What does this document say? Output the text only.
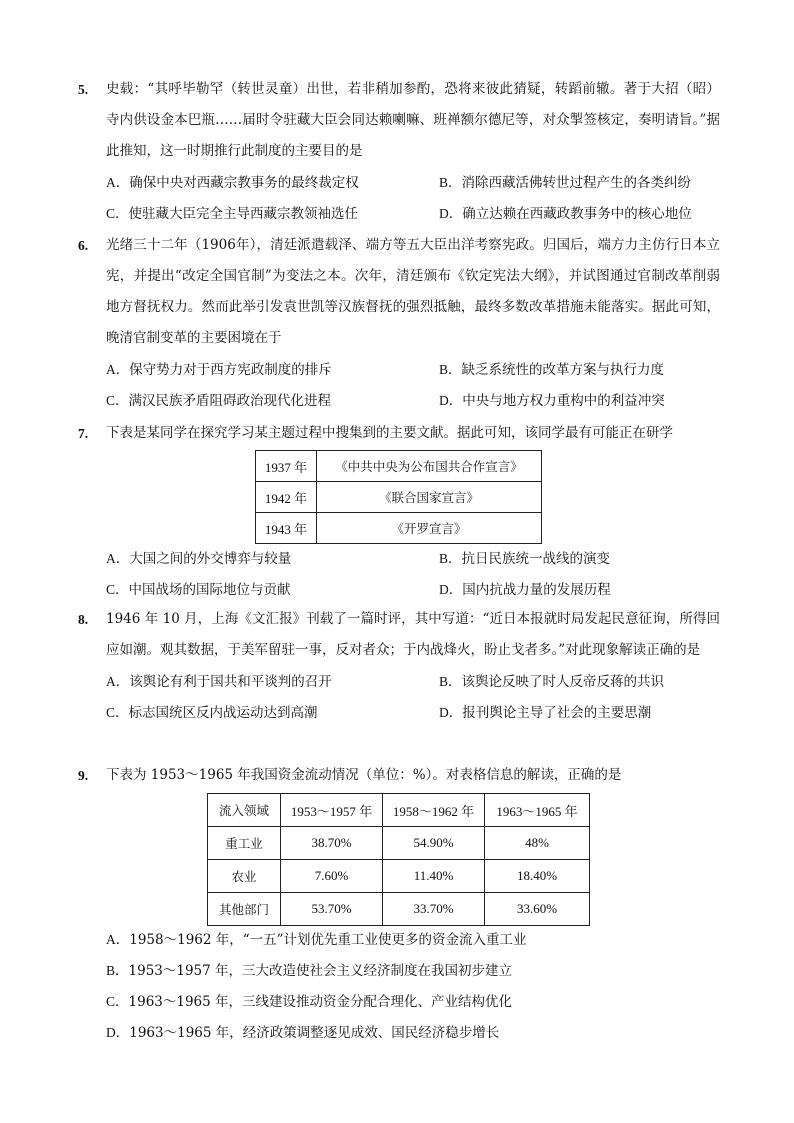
5. 史载：“其呼毕勒罕（转世灵童）出世，若非稍加参酌，恐将来彼此猜疑，转蹈前辙。著于大招（昭）寺内供设金本巴瓶……届时令驻藏大臣会同达赖喇嘛、班禅额尔德尼等，对众掣签核定，奏明请旨。”据此推知，这一时期推行此制度的主要目的是
A．确保中央对西藏宗教事务的最终裁定权	B．消除西藏活佛转世过程产生的各类纠纷
C．使驻藏大臣完全主导西藏宗教领袖选任	D．确立达赖在西藏政教事务中的核心地位
6. 光绪三十二年（1906年），清廷派遣载泽、端方等五大臣出洋考察宪政。归国后，端方力主仿行日本立宪，并提出“改定全国官制”为变法之本。次年，清廷颁布《钦定宪法大纲》，并试图通过官制改革削弱地方督抚权力。然而此举引发袁世凯等汉族督抚的强烈抵触，最终多数改革措施未能落实。据此可知，晚清官制变革的主要困境在于
A．保守势力对于西方宪政制度的排斥	B．缺乏系统性的改革方案与执行力度
C．满汉民族矛盾阻碍政治现代化进程	D．中央与地方权力重构中的利益冲突
7. 下表是某同学在探究学习某主题过程中搜集到的主要文献。据此可知，该同学最有可能正在研学
1937 年	《中共中央为公布国共合作宣言》
1942 年	《联合国家宣言》
1943 年	《开罗宣言》
A．大国之间的外交博弈与较量	B．抗日民族统一战线的演变
C．中国战场的国际地位与贡献	D．国内抗战力量的发展历程
8. 1946 年 10 月，上海《文汇报》刊载了一篇时评，其中写道：“近日本报就时局发起民意征询，所得回应如潮。观其数据，于美军留驻一事，反对者众；于内战烽火，盼止戈者多。”对此现象解读正确的是
A．该舆论有利于国共和平谈判的召开	B．该舆论反映了时人反帝反蒋的共识
C．标志国统区反内战运动达到高潮	D．报刊舆论主导了社会的主要思潮
9. 下表为 1953～1965 年我国资金流动情况（单位：%）。对表格信息的解读，正确的是
流入领域	1953～1957 年	1958～1962 年	1963～1965 年
重工业	38.70%	54.90%	48%
农业	7.60%	11.40%	18.40%
其他部门	53.70%	33.70%	33.60%
A．1958～1962 年，“一五”计划优先重工业使更多的资金流入重工业
B．1953～1957 年，三大改造使社会主义经济制度在我国初步建立
C．1963～1965 年，三线建设推动资金分配合理化、产业结构优化
D．1963～1965 年，经济政策调整逐见成效、国民经济稳步增长
